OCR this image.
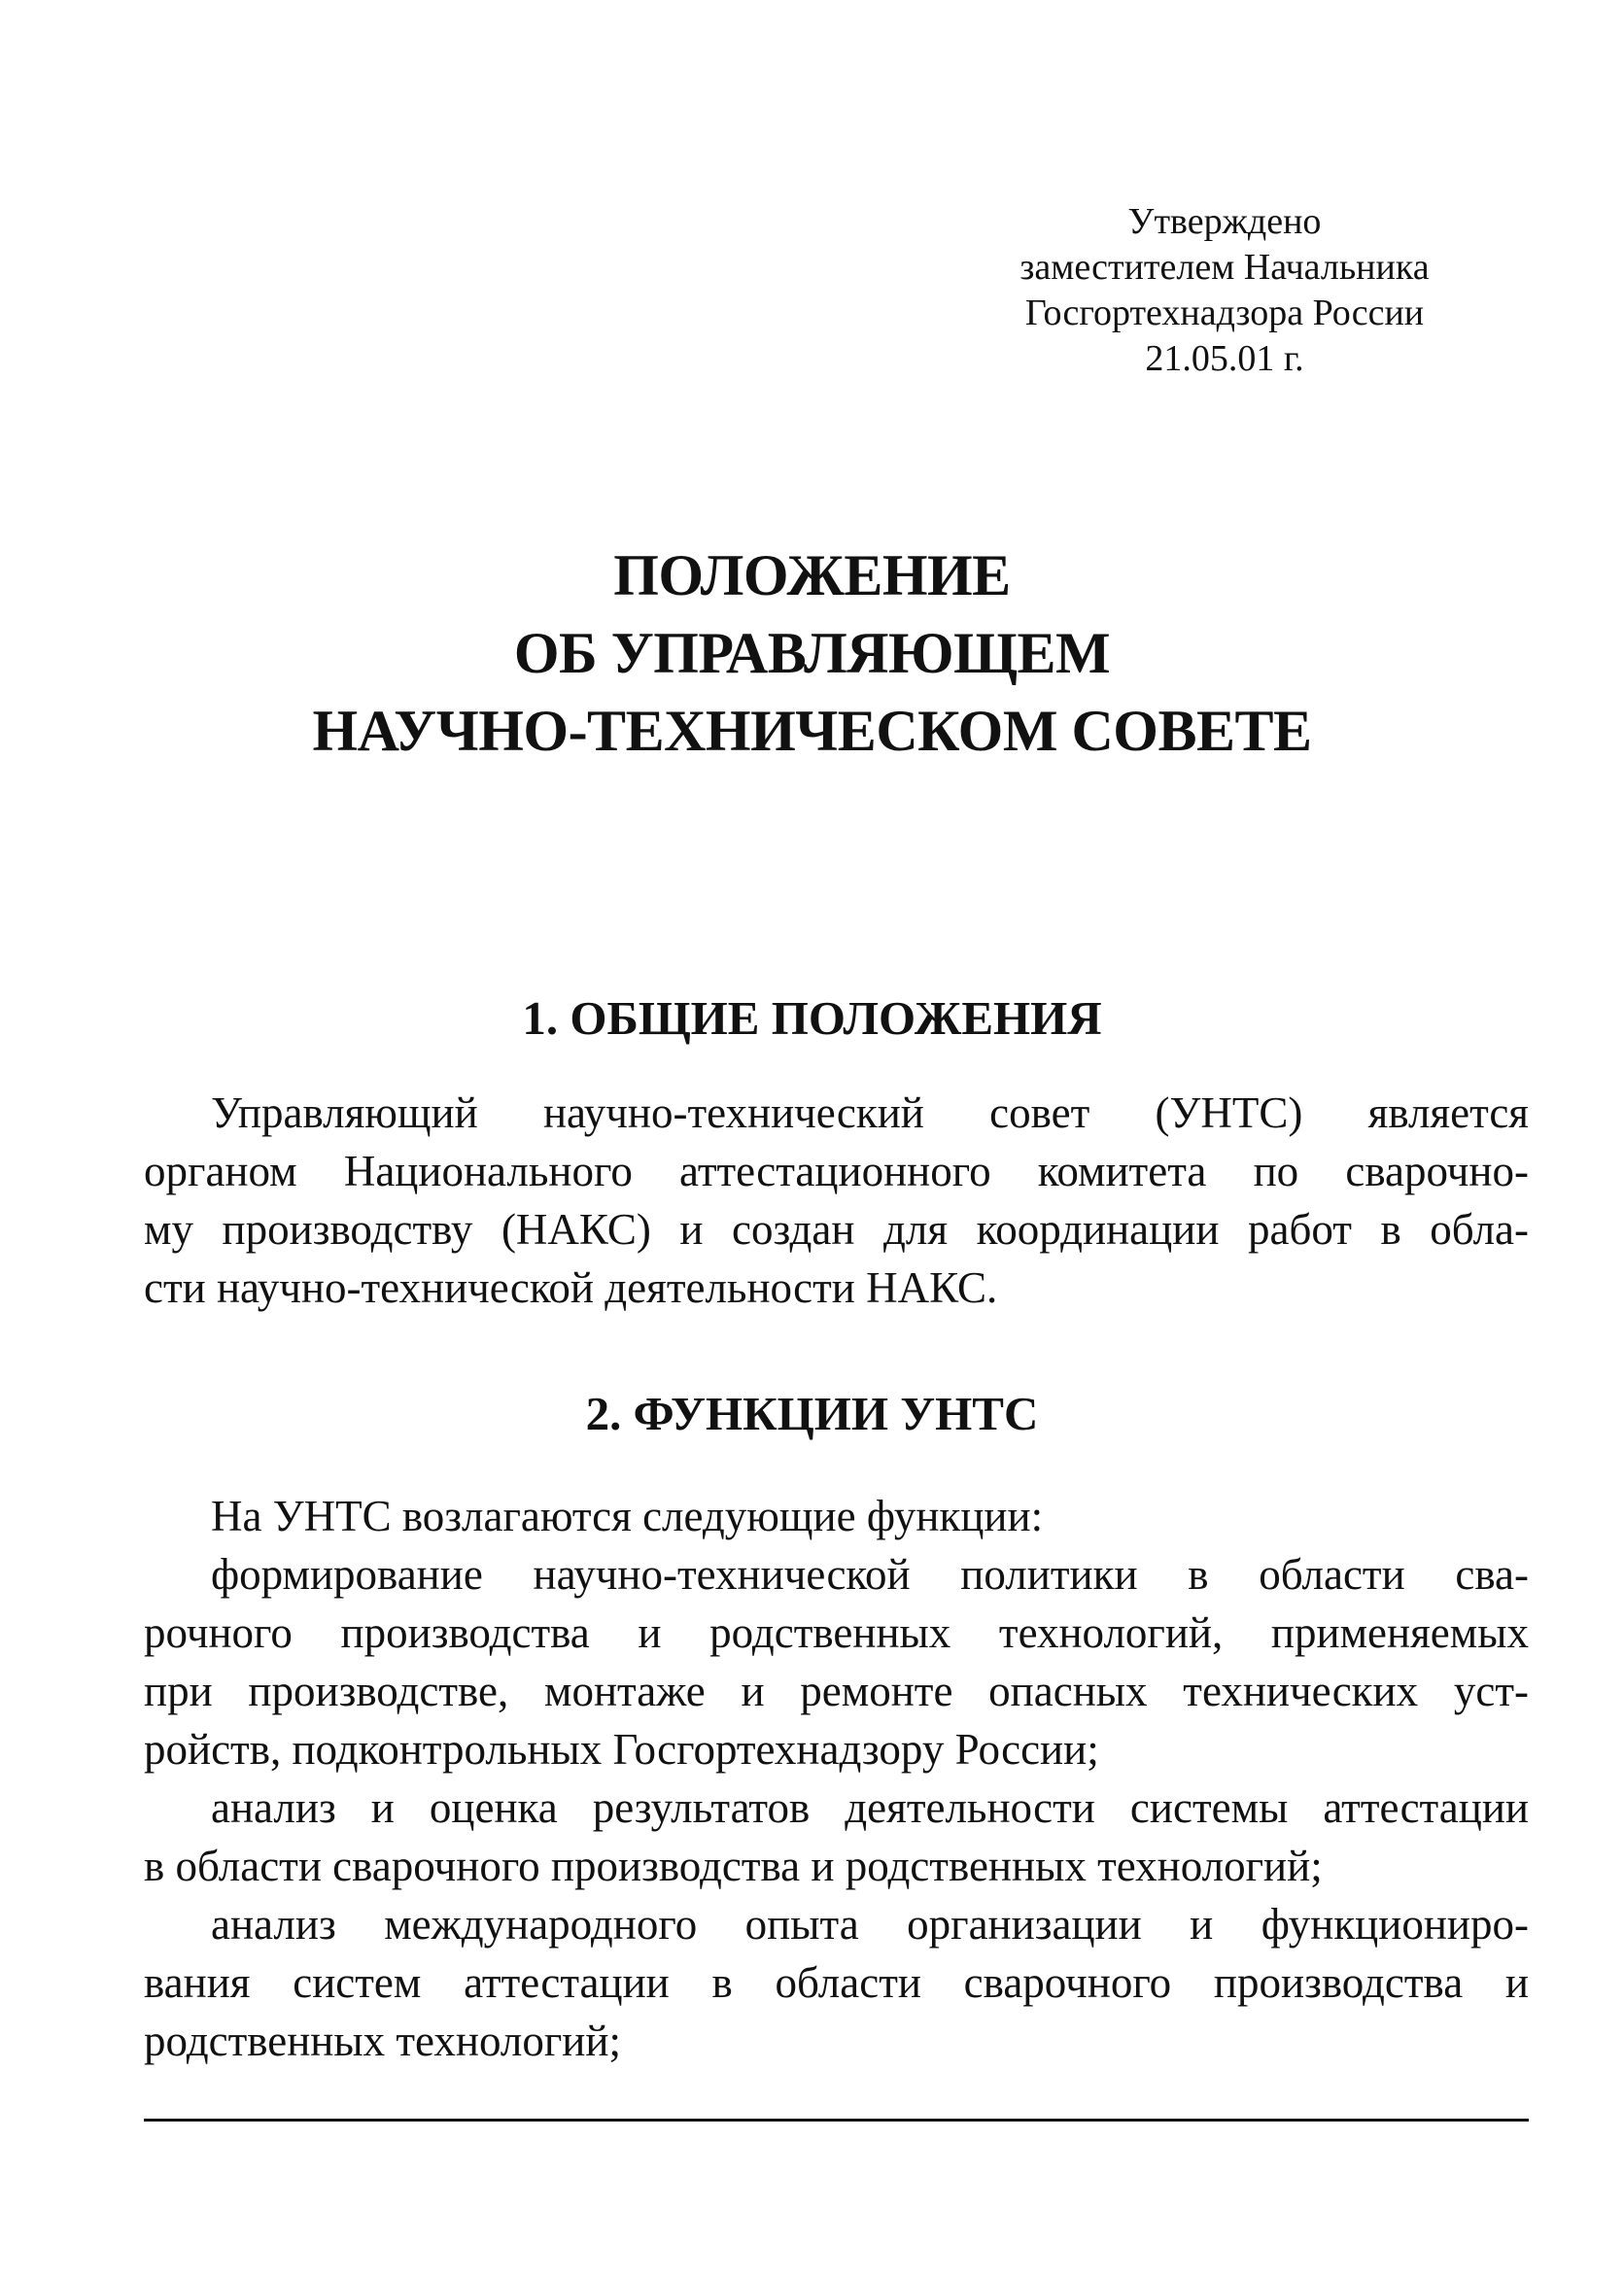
Утверждено
заместителем Начальника
Госгортехнадзора России
21.05.01 г.
ПОЛОЖЕНИЕ
ОБ УПРАВЛЯЮЩЕМ
НАУЧНО-ТЕХНИЧЕСКОМ СОВЕТЕ
1. ОБЩИЕ ПОЛОЖЕНИЯ
Управляющий научно-технический совет (УНТС) является
органом Национального аттестационного комитета по сварочно-
му производству (НАКС) и создан для координации работ в обла-
сти научно-технической деятельности НАКС.
2. ФУНКЦИИ УНТС
На УНТС возлагаются следующие функции:
формирование научно-технической политики в области сва-
рочного производства и родственных технологий, применяемых
при производстве, монтаже и ремонте опасных технических уст-
ройств, подконтрольных Госгортехнадзору России;
анализ и оценка результатов деятельности системы аттестации
в области сварочного производства и родственных технологий;
анализ международного опыта организации и функциониро-
вания систем аттестации в области сварочного производства и
родственных технологий;
